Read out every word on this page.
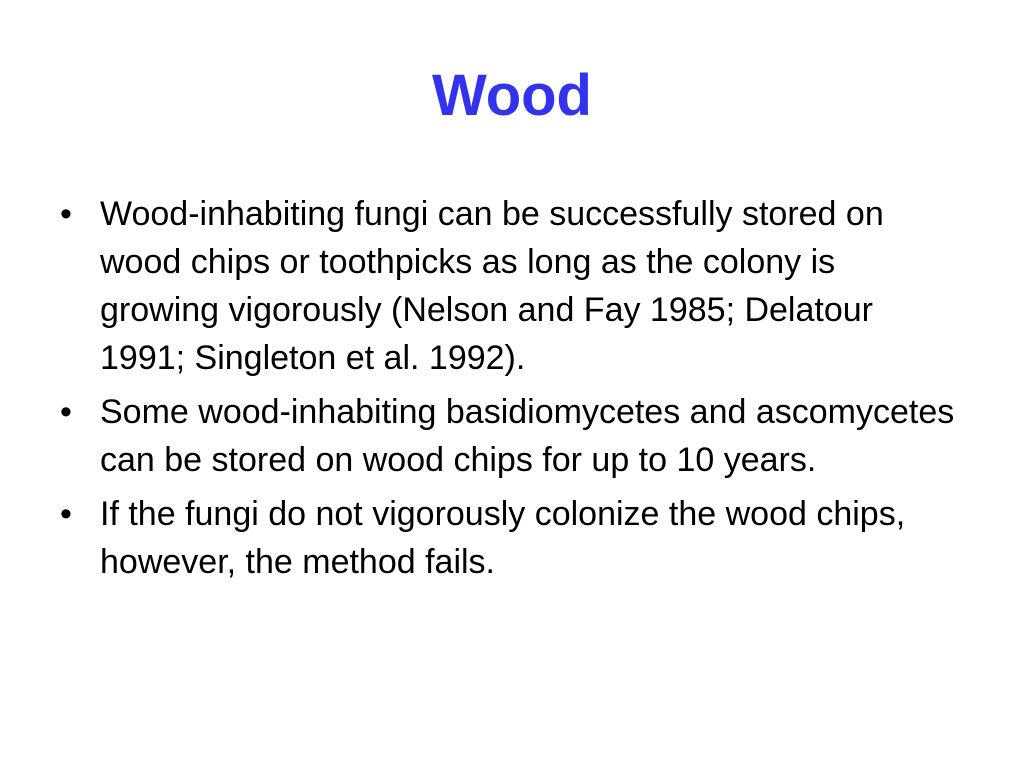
Wood
• Wood-inhabiting fungi can be successfully stored on wood chips or toothpicks as long as the colony is growing vigorously (Nelson and Fay 1985; Delatour 1991; Singleton et al. 1992).
• Some wood-inhabiting basidiomycetes and ascomycetes can be stored on wood chips for up to 10 years.
• If the fungi do not vigorously colonize the wood chips, however, the method fails.
